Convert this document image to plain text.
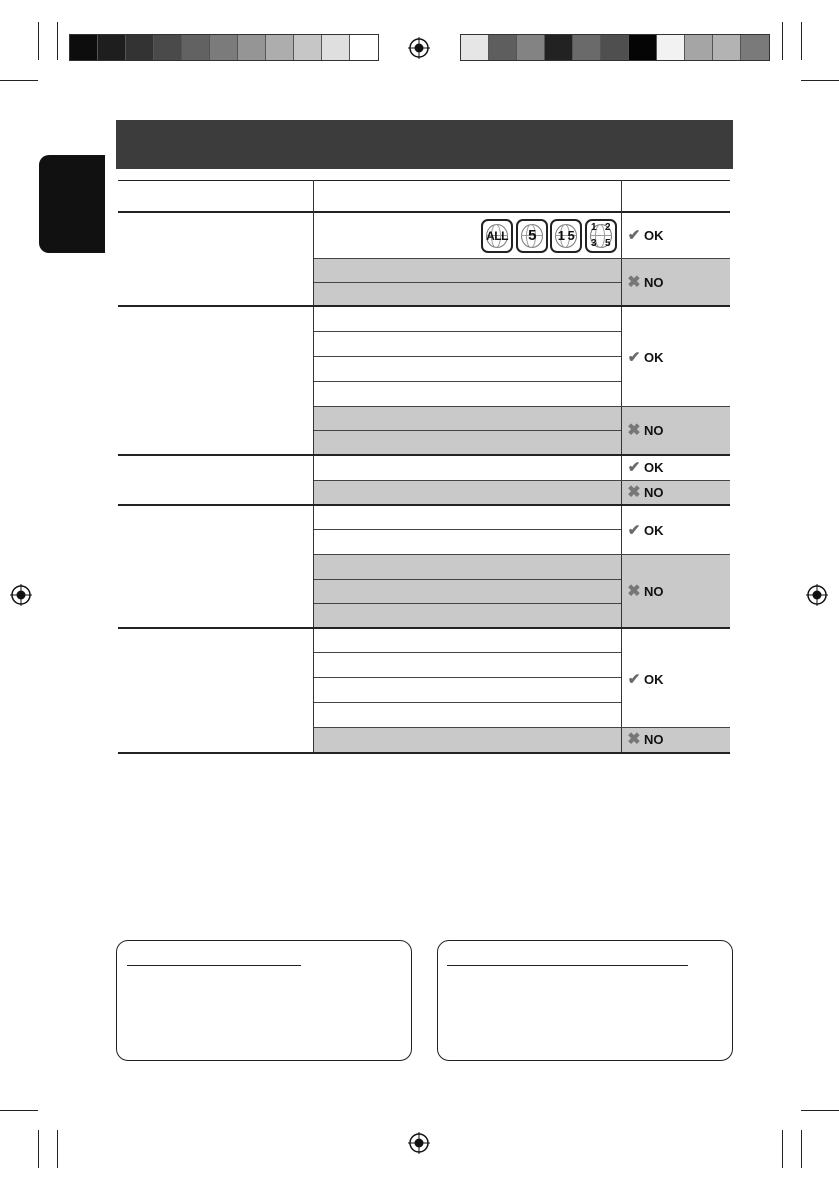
ALL	5	1 5
1 2
3 5 ✔ OK
✖ NO
✔ OK
✖ NO
✔ OK
✖ NO
✔ OK
✖ NO
✔ OK
✖ NO
